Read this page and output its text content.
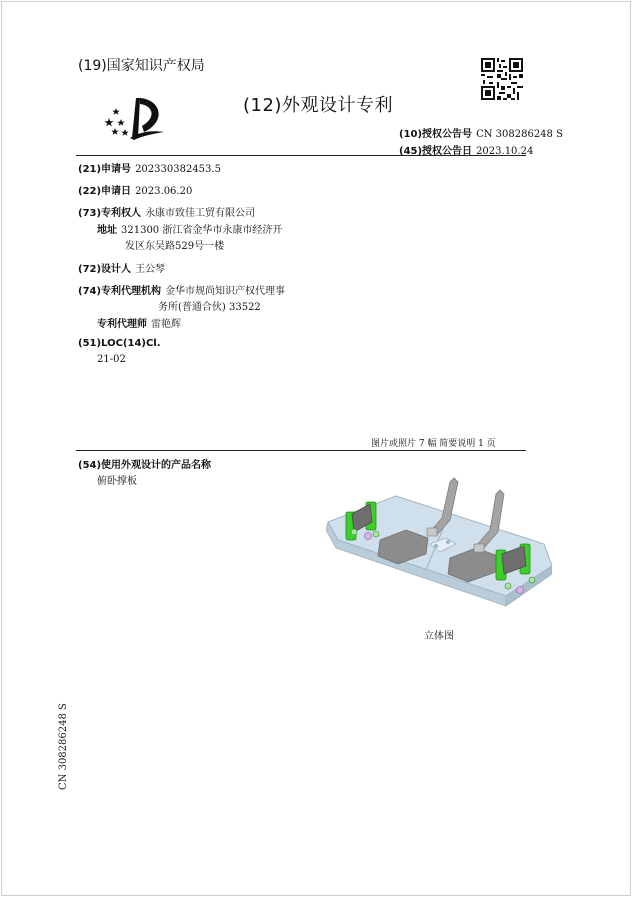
(19)国家知识产权局
(12)外观设计专利
(10)授权公告号 CN 308286248 S
(45)授权公告日 2023.10.24
(21)申请号 202330382453.5
(22)申请日 2023.06.20
(73)专利权人 永康市致佳工贸有限公司
地址 321300 浙江省金华市永康市经济开
发区东吴路529号一楼
(72)设计人 王公琴
(74)专利代理机构 金华市规尚知识产权代理事
务所(普通合伙) 33522
专利代理师 雷艳辉
(51)LOC(14)Cl.
21-02
图片或照片 7 幅 简要说明 1 页
(54)使用外观设计的产品名称
俯卧撑板
立体图
CN 308286248 S
